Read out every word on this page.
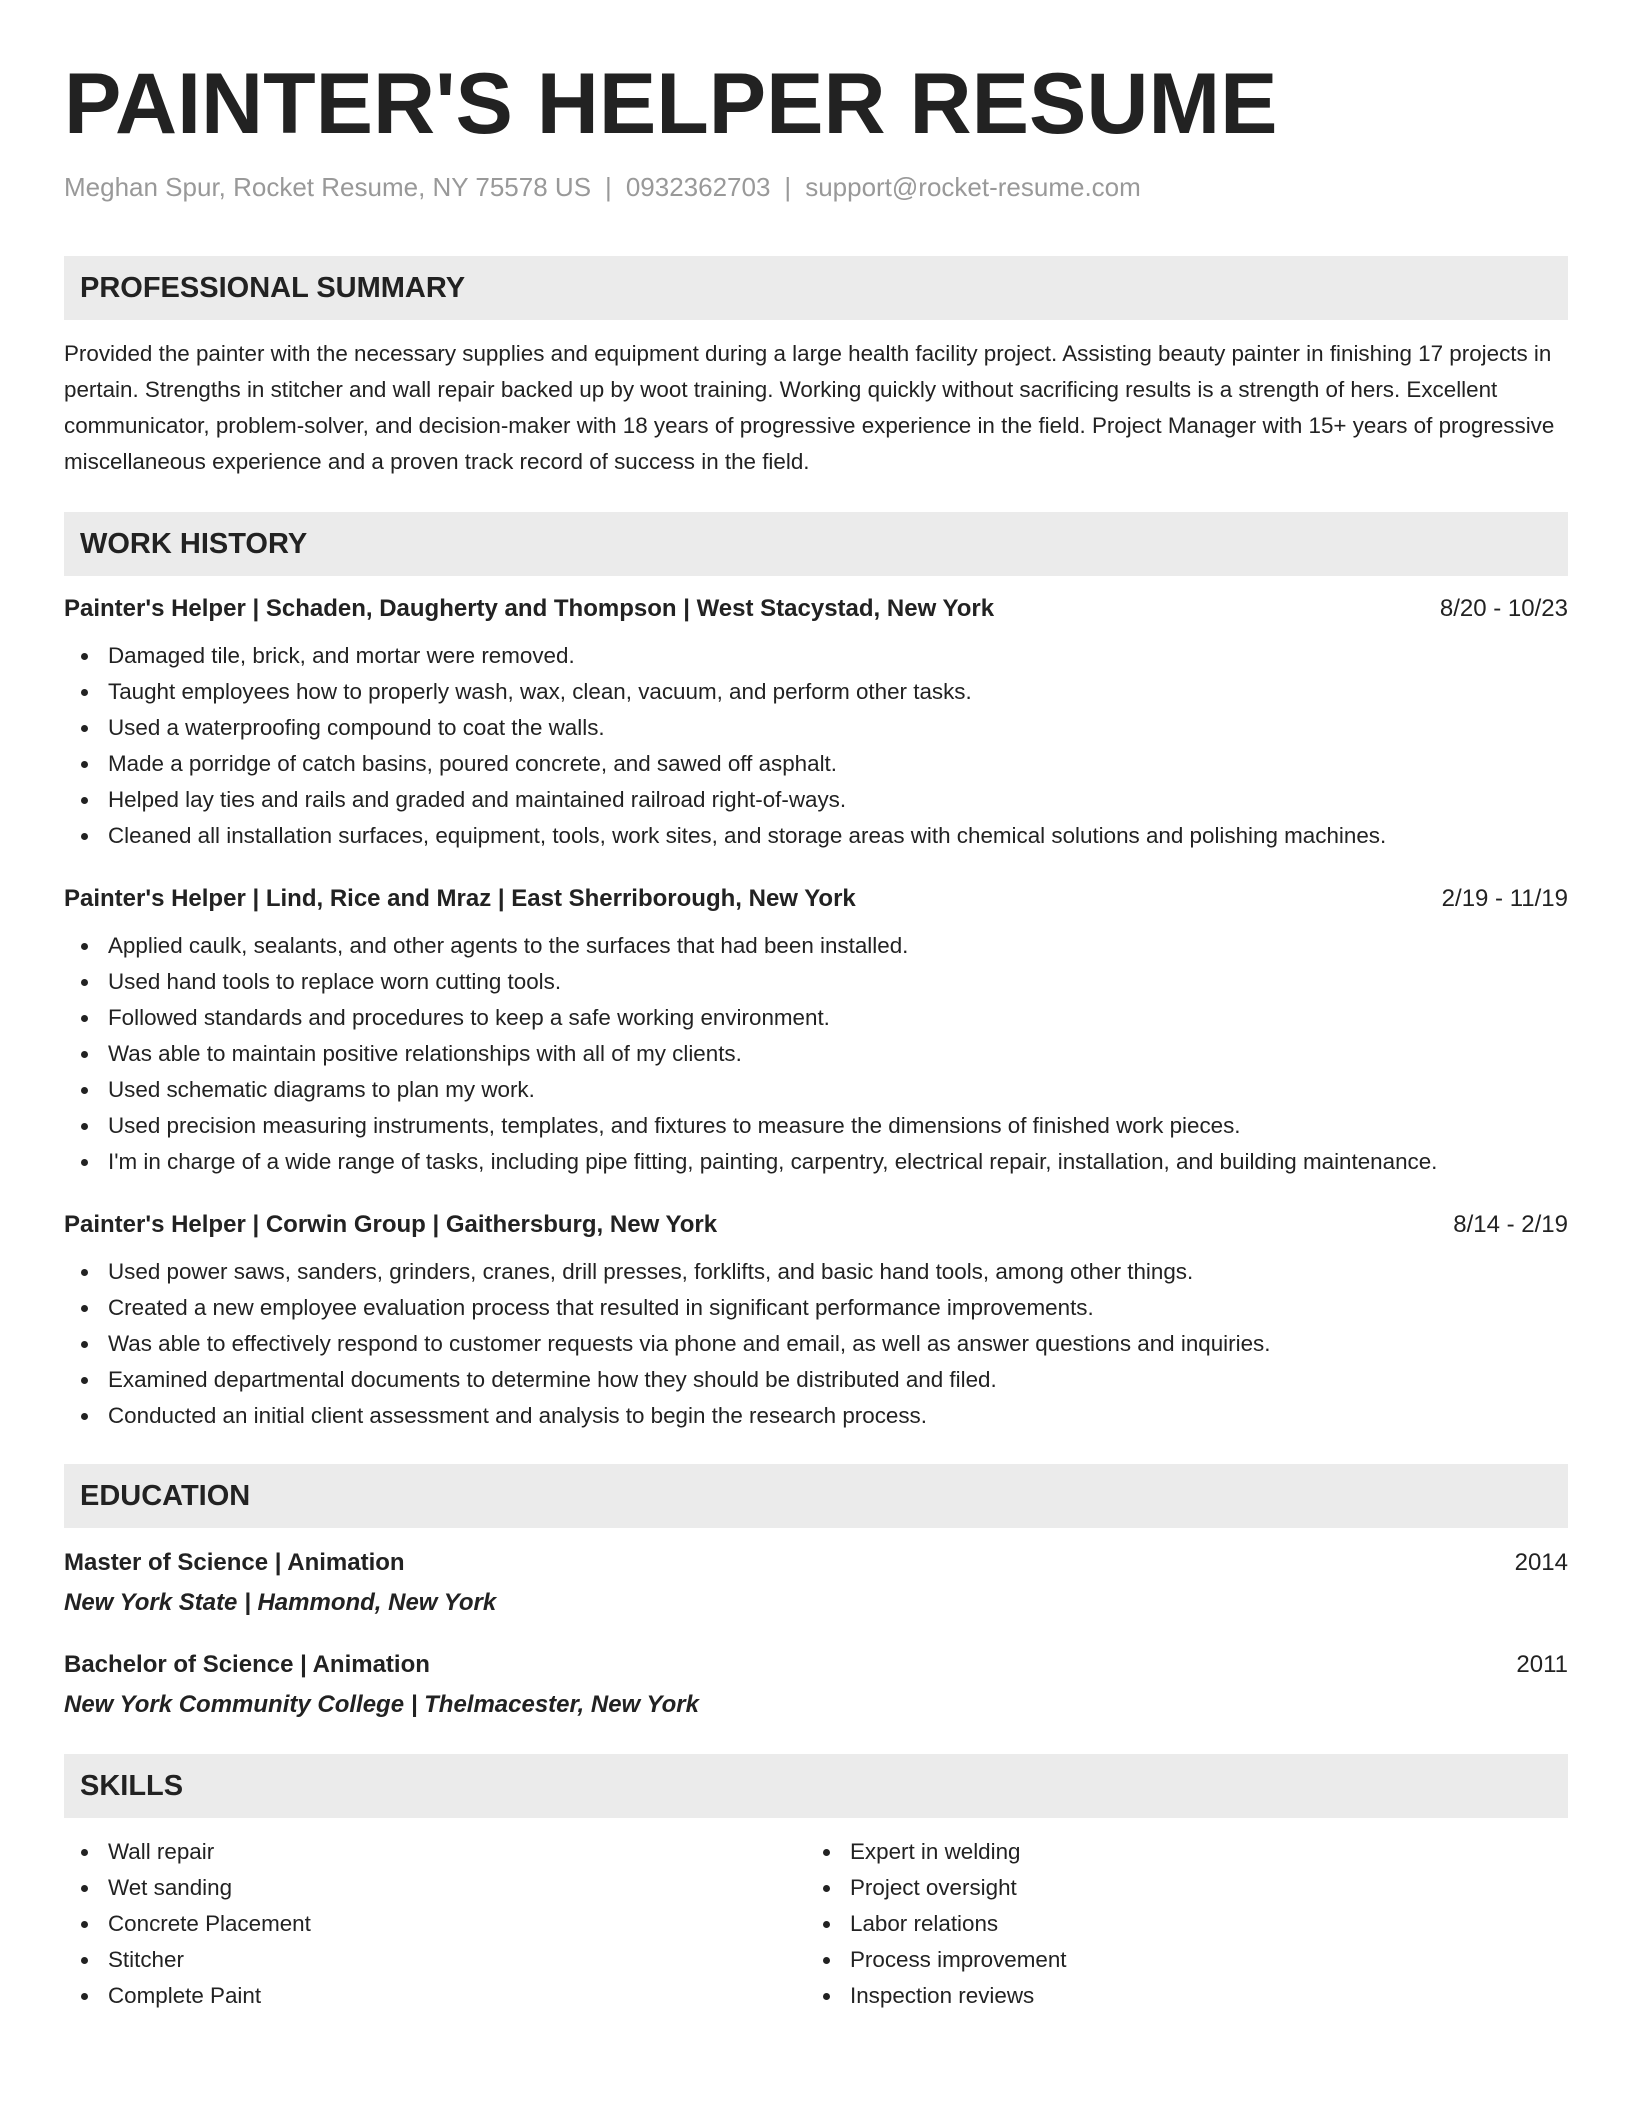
PAINTER'S HELPER RESUME
Meghan Spur, Rocket Resume, NY 75578 US | 0932362703 | support@rocket-resume.com
PROFESSIONAL SUMMARY
Provided the painter with the necessary supplies and equipment during a large health facility project. Assisting beauty painter in finishing 17 projects in pertain. Strengths in stitcher and wall repair backed up by woot training. Working quickly without sacrificing results is a strength of hers. Excellent communicator, problem-solver, and decision-maker with 18 years of progressive experience in the field. Project Manager with 15+ years of progressive miscellaneous experience and a proven track record of success in the field.
WORK HISTORY
Painter's Helper | Schaden, Daugherty and Thompson | West Stacystad, New York	8/20 - 10/23
Damaged tile, brick, and mortar were removed.
Taught employees how to properly wash, wax, clean, vacuum, and perform other tasks.
Used a waterproofing compound to coat the walls.
Made a porridge of catch basins, poured concrete, and sawed off asphalt.
Helped lay ties and rails and graded and maintained railroad right-of-ways.
Cleaned all installation surfaces, equipment, tools, work sites, and storage areas with chemical solutions and polishing machines.
Painter's Helper | Lind, Rice and Mraz | East Sherriborough, New York	2/19 - 11/19
Applied caulk, sealants, and other agents to the surfaces that had been installed.
Used hand tools to replace worn cutting tools.
Followed standards and procedures to keep a safe working environment.
Was able to maintain positive relationships with all of my clients.
Used schematic diagrams to plan my work.
Used precision measuring instruments, templates, and fixtures to measure the dimensions of finished work pieces.
I'm in charge of a wide range of tasks, including pipe fitting, painting, carpentry, electrical repair, installation, and building maintenance.
Painter's Helper | Corwin Group | Gaithersburg, New York	8/14 - 2/19
Used power saws, sanders, grinders, cranes, drill presses, forklifts, and basic hand tools, among other things.
Created a new employee evaluation process that resulted in significant performance improvements.
Was able to effectively respond to customer requests via phone and email, as well as answer questions and inquiries.
Examined departmental documents to determine how they should be distributed and filed.
Conducted an initial client assessment and analysis to begin the research process.
EDUCATION
Master of Science | Animation	2014
New York State | Hammond, New York
Bachelor of Science | Animation	2011
New York Community College | Thelmacester, New York
SKILLS
Wall repair
Wet sanding
Concrete Placement
Stitcher
Complete Paint
Expert in welding
Project oversight
Labor relations
Process improvement
Inspection reviews
